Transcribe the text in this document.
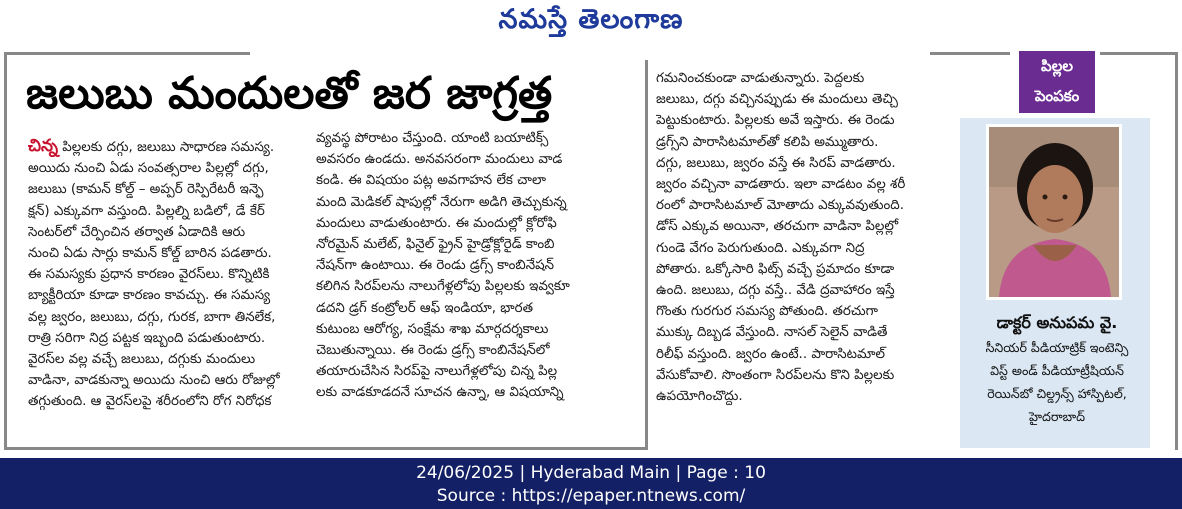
నమస్తే తెలంగాణ
జలుబు మందులతో జర జాగ్రత్త
చిన్న పిల్లలకు దగ్గు, జలుబు సాధారణ సమస్య.
అయిదు నుంచి ఏడు సంవత్సరాల పిల్లల్లో దగ్గు,
జలుబు (కామన్ కోల్డ్ – అప్పర్ రెస్పిరేటరీ ఇన్ఫె
క్షన్) ఎక్కువగా వస్తుంది. పిల్లల్ని బడిలో, డే కేర్
సెంటర్‌లో చేర్పించిన తర్వాత ఏడాదికి ఆరు
నుంచి ఏడు సార్లు కామన్ కోల్డ్ బారిన పడతారు.
ఈ సమస్యకు ప్రధాన కారణం వైరస్‌లు. కొన్నిటికి
బ్యాక్టీరియా కూడా కారణం కావచ్చు. ఈ సమస్య
వల్ల జ్వరం, జలుబు, దగ్గు, గురక, బాగా తినలేక,
రాత్రి సరిగా నిద్ర పట్టక ఇబ్బంది పడుతుంటారు.
వైరస్‌ల వల్ల వచ్చే జలుబు, దగ్గుకు మందులు
వాడినా, వాడకున్నా అయిదు నుంచి ఆరు రోజుల్లో
తగ్గుతుంది. ఆ వైరస్‌లపై శరీరంలోని రోగ నిరోధక
వ్యవస్థ పోరాటం చేస్తుంది. యాంటి బయాటిక్స్
అవసరం ఉండదు. అనవసరంగా మందులు వాడ
కండి. ఈ విషయం పట్ల అవగాహన లేక చాలా
మంది మెడికల్ షాపుల్లో నేరుగా అడిగి తెచ్చుకున్న
మందులు వాడుతుంటారు. ఈ మందుల్లో క్లోరోఫి
నోరమైన్ మలేట్, ఫినైల్ ఫ్రైన్ హైడ్రోక్లోరైడ్ కాంబి
నేషన్‌గా ఉంటాయి. ఈ రెండు డ్రగ్స్ కాంబినేషన్
కలిగిన సిరప్‌లను నాలుగేళ్లలోపు పిల్లలకు ఇవ్వకూ
డదని డ్రగ్ కంట్రోలర్ ఆఫ్ ఇండియా, భారత
కుటుంబ ఆరోగ్య, సంక్షేమ శాఖ మార్గదర్శకాలు
చెబుతున్నాయి. ఈ రెండు డ్రగ్స్ కాంబినేషన్‌లో
తయారుచేసిన సిరప్‌పై నాలుగేళ్లలోపు చిన్న పిల్ల
లకు వాడకూడదనే సూచన ఉన్నా, ఆ విషయాన్ని
గమనించకుండా వాడుతున్నారు. పెద్దలకు
జలుబు, దగ్గు వచ్చినప్పుడు ఈ మందులు తెచ్చి
పెట్టుకుంటారు. పిల్లలకు అవే ఇస్తారు. ఈ రెండు
డ్రగ్స్‌ని పారాసిటమాల్‌తో కలిపి అమ్ముతారు.
దగ్గు, జలుబు, జ్వరం వస్తే ఈ సిరప్ వాడతారు.
జ్వరం వచ్చినా వాడతారు. ఇలా వాడటం వల్ల శరీ
రంలో పారాసిటమాల్ మోతాదు ఎక్కువవుతుంది.
డోస్ ఎక్కువ అయినా, తరచుగా వాడినా పిల్లల్లో
గుండె వేగం పెరుగుతుంది. ఎక్కువగా నిద్ర
పోతారు. ఒక్కోసారి ఫిట్స్ వచ్చే ప్రమాదం కూడా
ఉంది. జలుబు, దగ్గు వస్తే.. వేడి ద్రవాహారం ఇస్తే
గొంతు గురగుర సమస్య పోతుంది. తరచుగా
ముక్కు దిబ్బడ వేస్తుంది. నాసల్ సెలైన్ వాడితే
రిలీఫ్ వస్తుంది. జ్వరం ఉంటే.. పారాసిటమాల్
వేసుకోవాలి. సొంతంగా సిరప్‌లను కొని పిల్లలకు
ఉపయోగించొద్దు.
పిల్లల
పెంపకం
డాక్టర్ అనుపమ వై.
సీనియర్ పీడియాట్రిక్ ఇంటెన్సి
విస్ట్ అండ్ పీడియాట్రీషియన్
రెయిన్‌బో చిల్డ్రన్స్ హాస్పిటల్,
హైదరాబాద్
24/06/2025 | Hyderabad Main | Page : 10
Source : https://epaper.ntnews.com/
